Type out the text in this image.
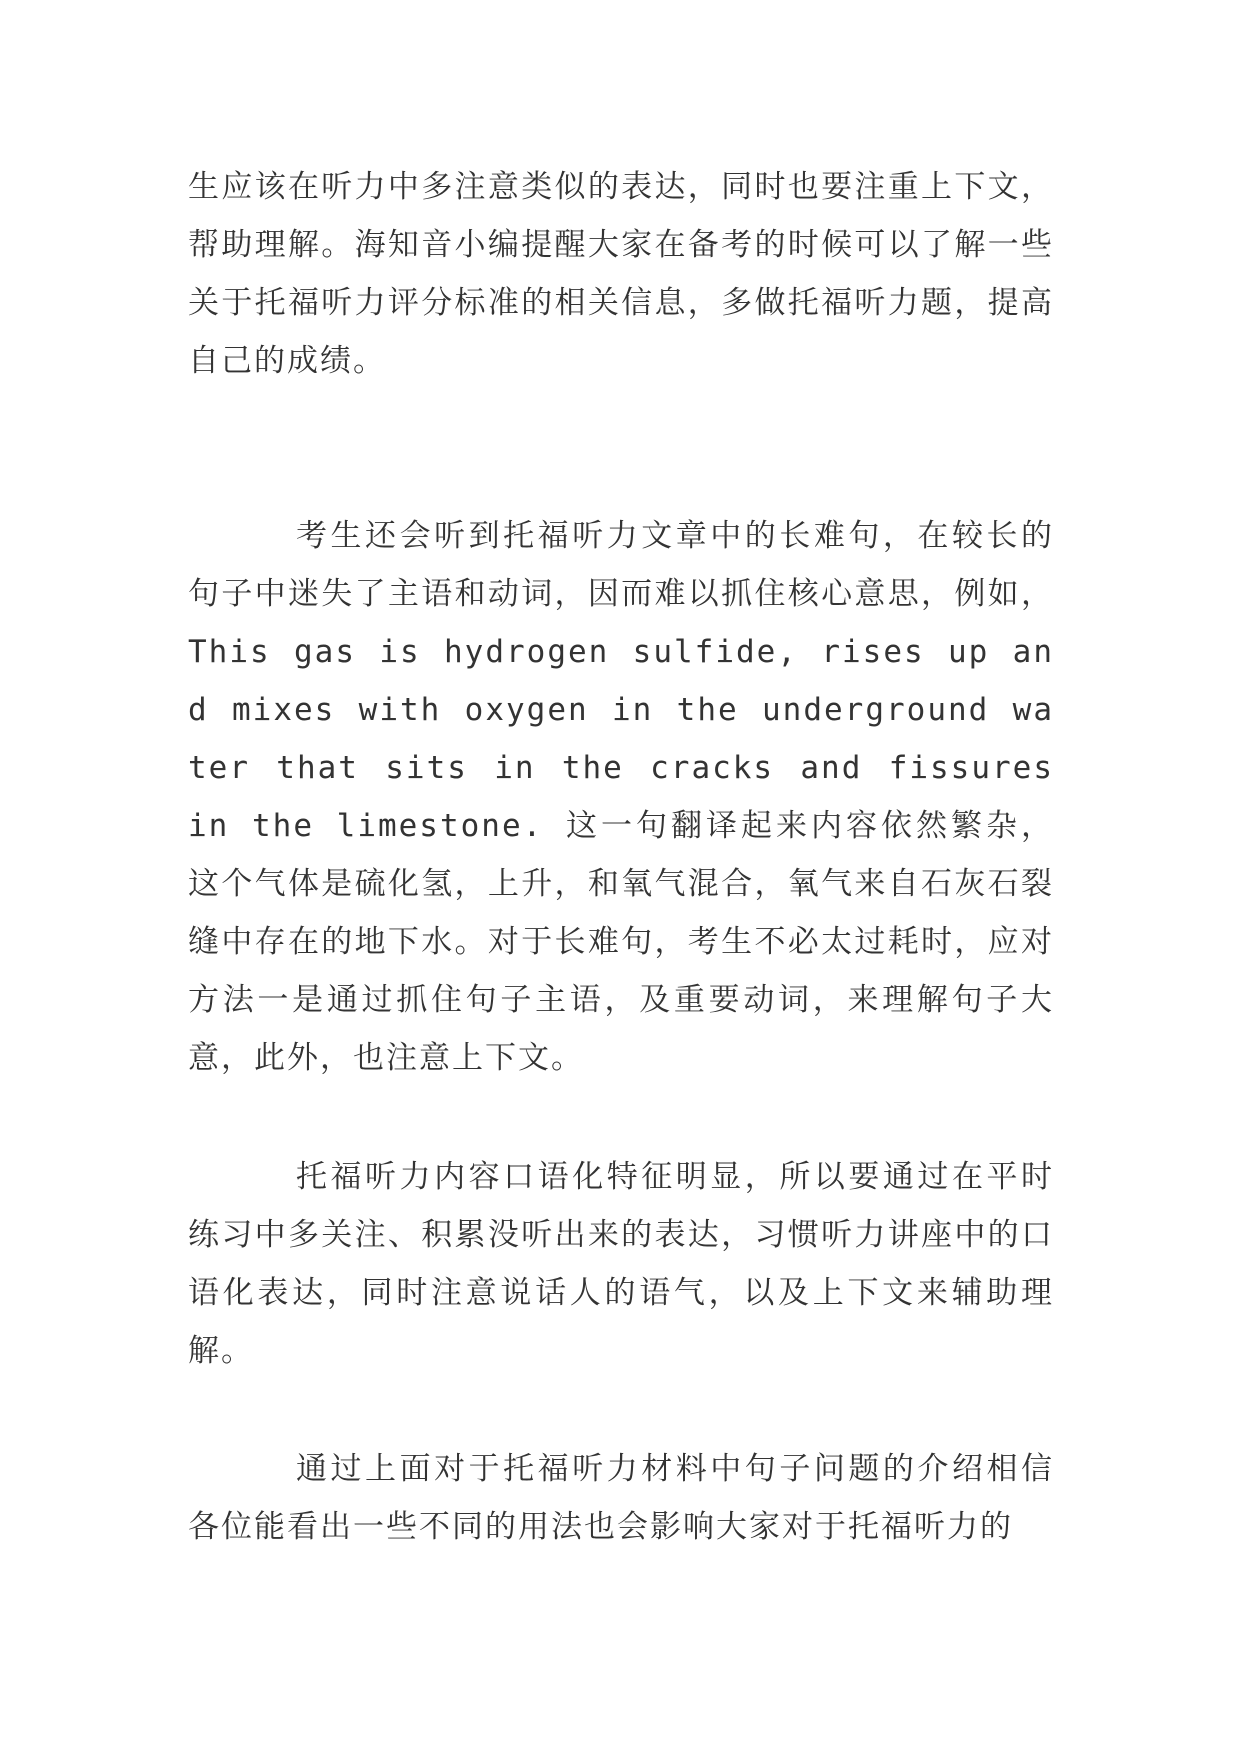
生应该在听力中多注意类似的表达，同时也要注重上下文，帮助理解。海知音小编提醒大家在备考的时候可以了解一些关于托福听力评分标准的相关信息，多做托福听力题，提高自己的成绩。

考生还会听到托福听力文章中的长难句，在较长的句子中迷失了主语和动词，因而难以抓住核心意思，例如，This gas is hydrogen sulfide, rises up and mixes with oxygen in the underground water that sits in the cracks and fissures in the limestone. 这一句翻译起来内容依然繁杂，这个气体是硫化氢，上升，和氧气混合，氧气来自石灰石裂缝中存在的地下水。对于长难句，考生不必太过耗时，应对方法一是通过抓住句子主语，及重要动词，来理解句子大意，此外，也注意上下文。

托福听力内容口语化特征明显，所以要通过在平时练习中多关注、积累没听出来的表达，习惯听力讲座中的口语化表达，同时注意说话人的语气，以及上下文来辅助理解。

通过上面对于托福听力材料中句子问题的介绍相信各位能看出一些不同的用法也会影响大家对于托福听力的
